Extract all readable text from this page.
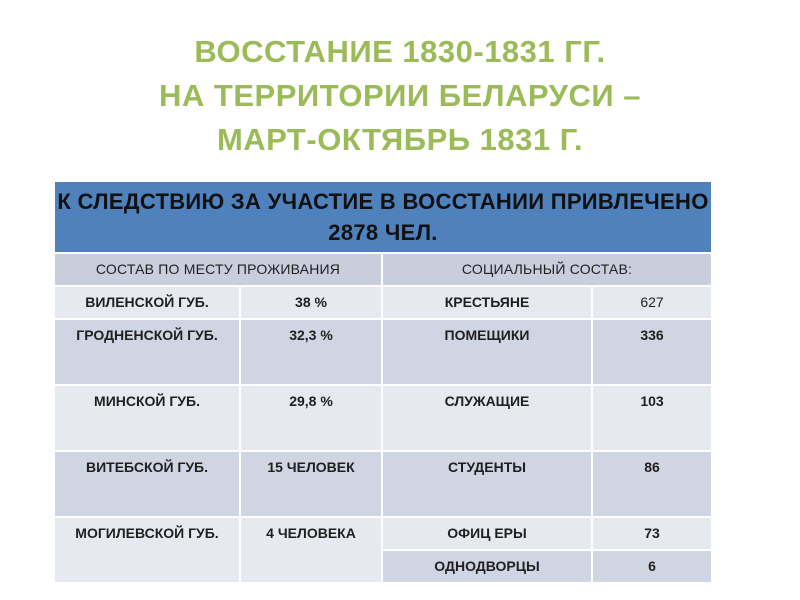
ВОССТАНИЕ 1830-1831 ГГ.
НА ТЕРРИТОРИИ БЕЛАРУСИ –
МАРТ-ОКТЯБРЬ 1831 Г.
К СЛЕДСТВИЮ ЗА УЧАСТИЕ В ВОССТАНИИ ПРИВЛЕЧЕНО 2878 ЧЕЛ.			
СОСТАВ ПО МЕСТУ ПРОЖИВАНИЯ		СОЦИАЛЬНЫЙ СОСТАВ:	
ВИЛЕНСКОЙ ГУБ.	38 %	КРЕСТЬЯНЕ	627
ГРОДНЕНСКОЙ ГУБ.	32,3 %	ПОМЕЩИКИ	336
МИНСКОЙ ГУБ.	29,8 %	СЛУЖАЩИЕ	103
ВИТЕБСКОЙ ГУБ.	15 ЧЕЛОВЕК	СТУДЕНТЫ	86
МОГИЛЕВСКОЙ ГУБ.	4 ЧЕЛОВЕКА	ОФИЦ ЕРЫ	73
		ОДНОДВОРЦЫ	6
